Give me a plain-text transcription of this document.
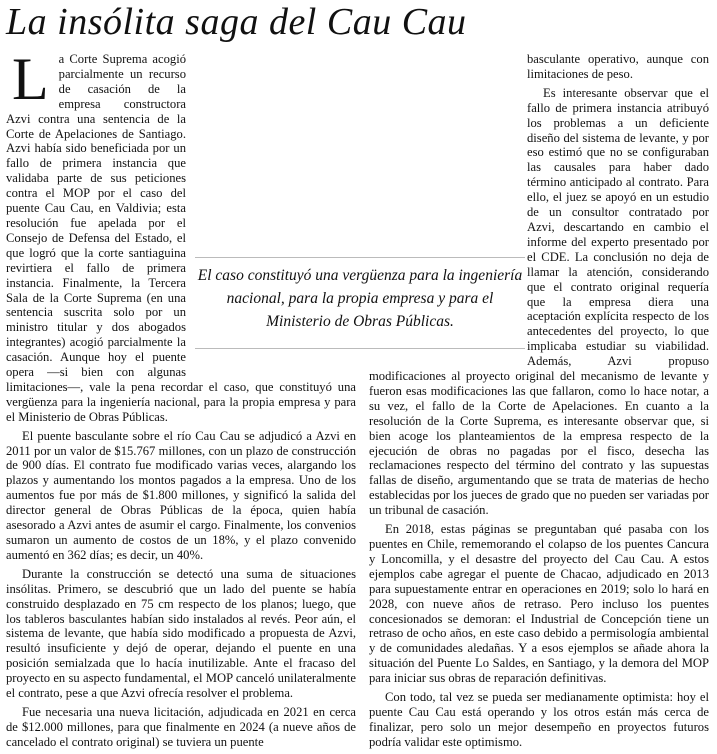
La insólita saga del Cau Cau

La Corte Suprema acogió parcialmente un recurso de casación de la empresa constructora Azvi contra una sentencia de la Corte de Apelaciones de Santiago. Azvi había sido beneficiada por un fallo de primera instancia que validaba parte de sus peticiones contra el MOP por el caso del puente Cau Cau, en Valdivia; esta resolución fue apelada por el Consejo de Defensa del Estado, el que logró que la corte santiaguina revirtiera el fallo de primera instancia. Finalmente, la Tercera Sala de la Corte Suprema (en una sentencia suscrita solo por un ministro titular y dos abogados integrantes) acogió parcialmente la casación. Aunque hoy el puente opera —si bien con algunas limitaciones—, vale la pena recordar el caso, que constituyó una vergüenza para la ingeniería nacional, para la propia empresa y para el Ministerio de Obras Públicas.

El puente basculante sobre el río Cau Cau se adjudicó a Azvi en 2011 por un valor de $15.767 millones, con un plazo de construcción de 900 días. El contrato fue modificado varias veces, alargando los plazos y aumentando los montos pagados a la empresa. Uno de los aumentos fue por más de $1.800 millones, y significó la salida del director general de Obras Públicas de la época, quien había asesorado a Azvi antes de asumir el cargo. Finalmente, los convenios sumaron un aumento de costos de un 18%, y el plazo convenido aumentó en 362 días; es decir, un 40%.

Durante la construcción se detectó una suma de situaciones insólitas. Primero, se descubrió que un lado del puente se había construido desplazado en 75 cm respecto de los planos; luego, que los tableros basculantes habían sido instalados al revés. Peor aún, el sistema de levante, que había sido modificado a propuesta de Azvi, resultó insuficiente y dejó de operar, dejando el puente en una posición semialzada que lo hacía inutilizable. Ante el fracaso del proyecto en su aspecto fundamental, el MOP canceló unilateralmente el contrato, pese a que Azvi ofrecía resolver el problema.

Fue necesaria una nueva licitación, adjudicada en 2021 en cerca de $12.000 millones, para que finalmente en 2024 (a nueve años de cancelado el contrato original) se tuviera un puente

basculante operativo, aunque con limitaciones de peso.

Es interesante observar que el fallo de primera instancia atribuyó los problemas a un deficiente diseño del sistema de levante, y por eso estimó que no se configuraban las causales para haber dado término anticipado al contrato. Para ello, el juez se apoyó en un estudio de un consultor contratado por Azvi, descartando en cambio el informe del experto presentado por el CDE. La conclusión no deja de llamar la atención, considerando que el contrato original requería que la empresa diera una aceptación explícita respecto de los antecedentes del proyecto, lo que implicaba estudiar su viabilidad. Además, Azvi propuso modificaciones al proyecto original del mecanismo de levante y fueron esas modificaciones las que fallaron, como lo hace notar, a su vez, el fallo de la Corte de Apelaciones. En cuanto a la resolución de la Corte Suprema, es interesante observar que, si bien acoge los planteamientos de la empresa respecto de la ejecución de obras no pagadas por el fisco, desecha las reclamaciones respecto del término del contrato y las supuestas fallas de diseño, argumentando que se trata de materias de hecho establecidas por los jueces de grado que no pueden ser variadas por un tribunal de casación.

En 2018, estas páginas se preguntaban qué pasaba con los puentes en Chile, rememorando el colapso de los puentes Cancura y Loncomilla, y el desastre del proyecto del Cau Cau. A estos ejemplos cabe agregar el puente de Chacao, adjudicado en 2013 para supuestamente entrar en operaciones en 2019; solo lo hará en 2028, con nueve años de retraso. Pero incluso los puentes concesionados se demoran: el Industrial de Concepción tiene un retraso de ocho años, en este caso debido a permisología ambiental y de comunidades aledañas. Y a esos ejemplos se añade ahora la situación del Puente Lo Saldes, en Santiago, y la demora del MOP para iniciar sus obras de reparación definitivas.

Con todo, tal vez se pueda ser medianamente optimista: hoy el puente Cau Cau está operando y los otros están más cerca de finalizar, pero solo un mejor desempeño en proyectos futuros podría validar este optimismo.

El caso constituyó una vergüenza para la ingeniería nacional, para la propia empresa y para el Ministerio de Obras Públicas.
